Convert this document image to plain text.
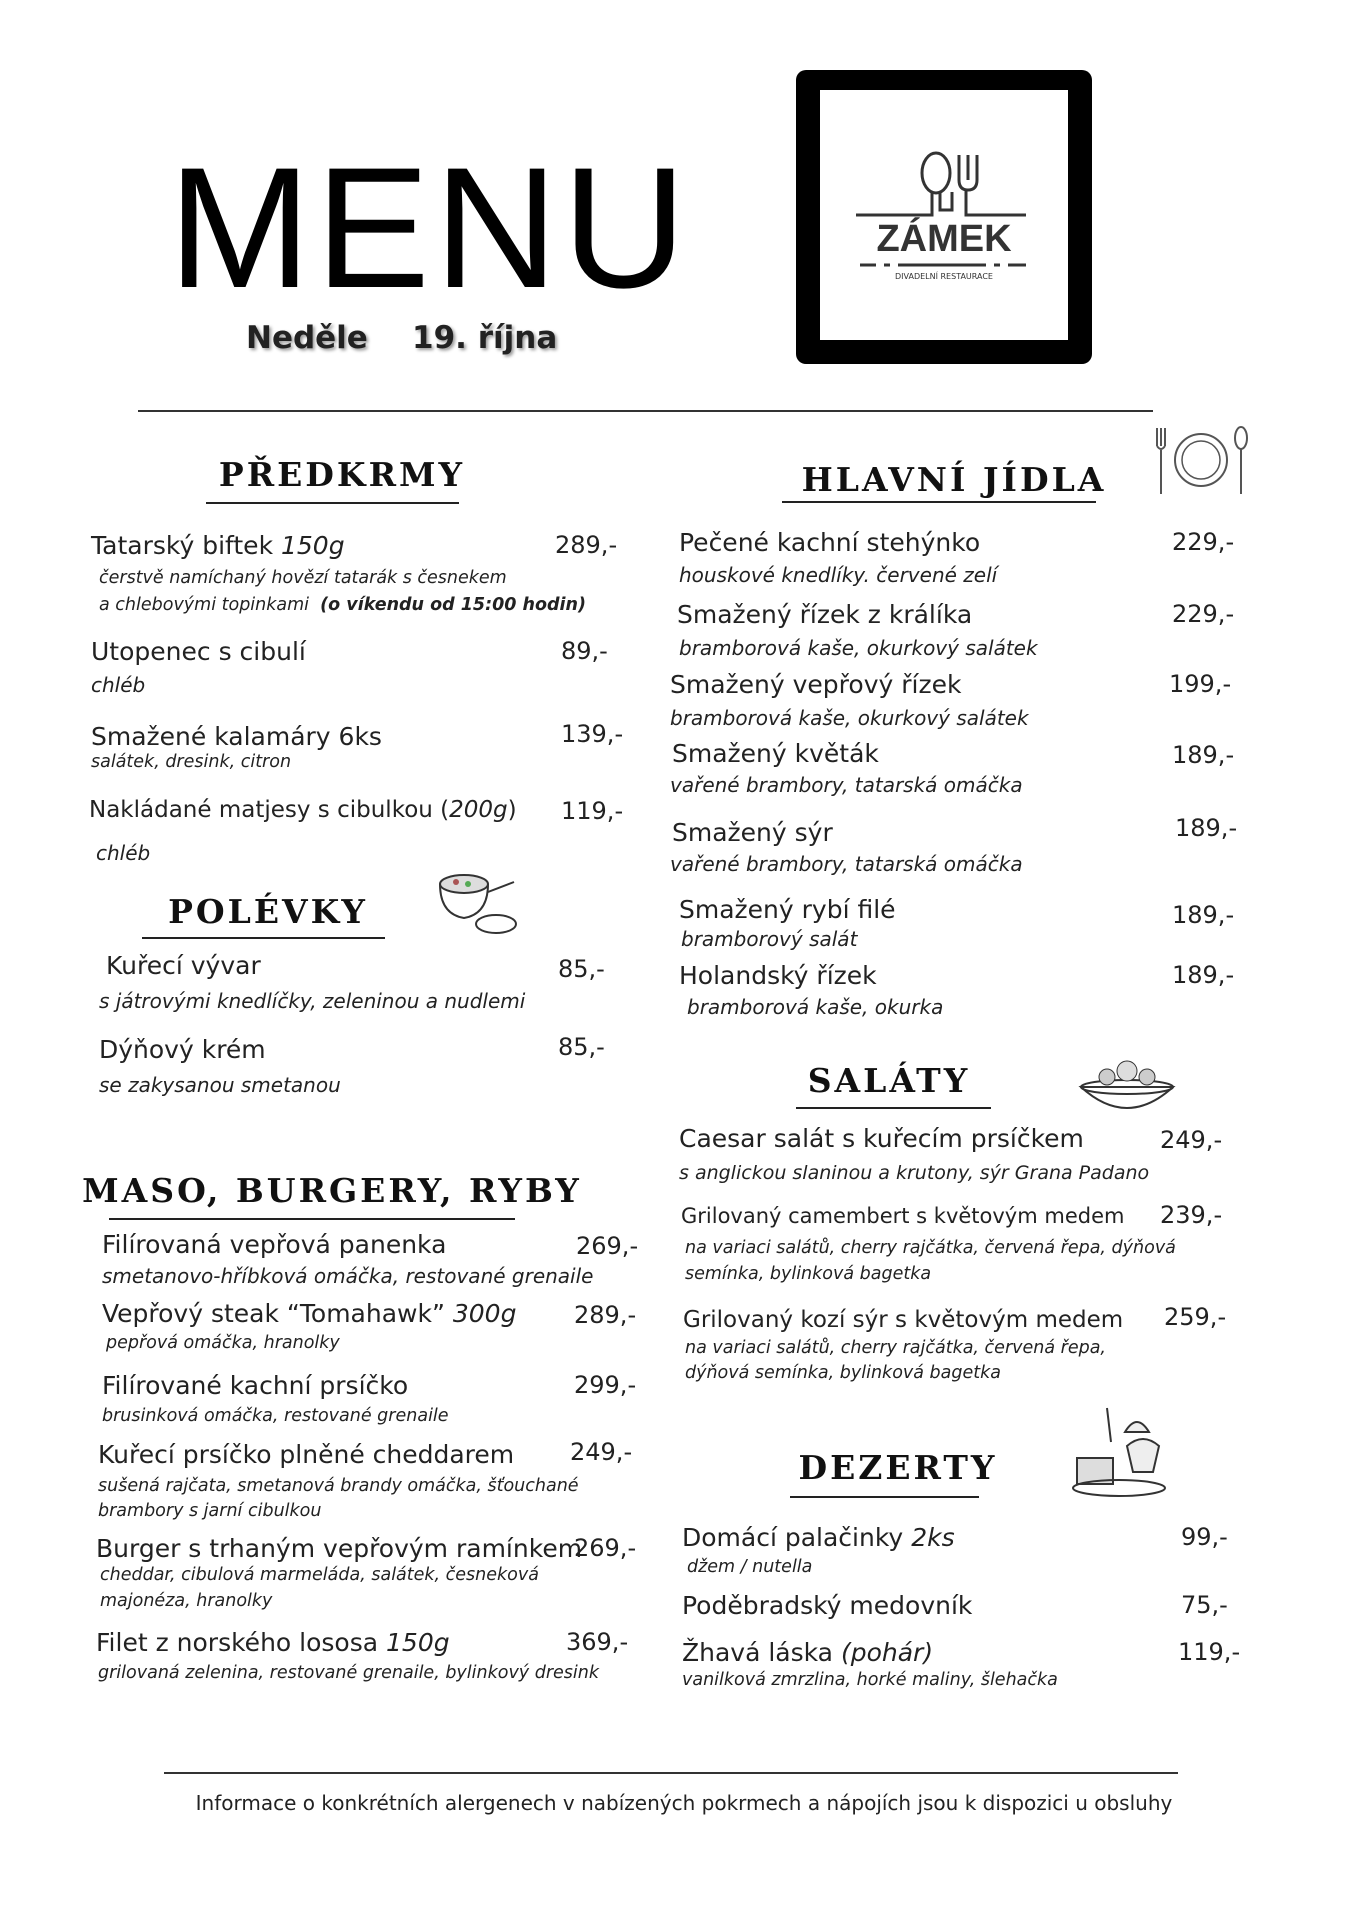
MENU
Neděle 19. října
ZÁMEK
DIVADELNÍ RESTAURACE
PŘEDKRMY
Tatarský biftek 150g	289,-
čerstvě namíchaný hovězí tatarák s česnekem
a chlebovými topinkami (o víkendu od 15:00 hodin)
Utopenec s cibulí	89,-
chléb
Smažené kalamáry 6ks	139,-
salátek, dresink, citron
Nakládané matjesy s cibulkou (200g) 119,-
chléb
POLÉVKY
Kuřecí vývar	85,-
s játrovými knedlíčky, zeleninou a nudlemi
Dýňový krém	85,-
se zakysanou smetanou
MASO, BURGERY, RYBY
Filírovaná vepřová panenka	269,-
smetanovo-hříbková omáčka, restované grenaile
Vepřový steak “Tomahawk” 300g 289,-
pepřová omáčka, hranolky
Filírované kachní prsíčko	299,-
brusinková omáčka, restované grenaile
Kuřecí prsíčko plněné cheddarem 249,-
sušená rajčata, smetanová brandy omáčka, šťouchané
brambory s jarní cibulkou
Burger s trhaným vepřovým ramínkem
269,-
cheddar, cibulová marmeláda, salátek, česneková
majonéza, hranolky
Filet z norského lososa 150g	369,-
grilovaná zelenina, restované grenaile, bylinkový dresink
HLAVNÍ JÍDLA
Pečené kachní stehýnko	229,-
houskové knedlíky. červené zelí
Smažený řízek z králíka	229,-
bramborová kaše, okurkový salátek
Smažený vepřový řízek	199,-
bramborová kaše, okurkový salátek
Smažený květák	189,-
vařené brambory, tatarská omáčka
Smažený sýr	189,-
vařené brambory, tatarská omáčka
Smažený rybí filé	189,-
bramborový salát
Holandský řízek	189,-
bramborová kaše, okurka
SALÁTY
Caesar salát s kuřecím prsíčkem	249,-
s anglickou slaninou a krutony, sýr Grana Padano
Grilovaný camembert s květovým medem 239,-
na variaci salátů, cherry rajčátka, červená řepa, dýňová
semínka, bylinková bagetka
Grilovaný kozí sýr s květovým medem 259,-
na variaci salátů, cherry rajčátka, červená řepa,
dýňová semínka, bylinková bagetka
DEZERTY
Domácí palačinky 2ks	99,-
džem / nutella
Poděbradský medovník	75,-
Žhavá láska (pohár)	119,-
vanilková zmrzlina, horké maliny, šlehačka
Informace o konkrétních alergenech v nabízených pokrmech a nápojích jsou k dispozici u obsluhy
